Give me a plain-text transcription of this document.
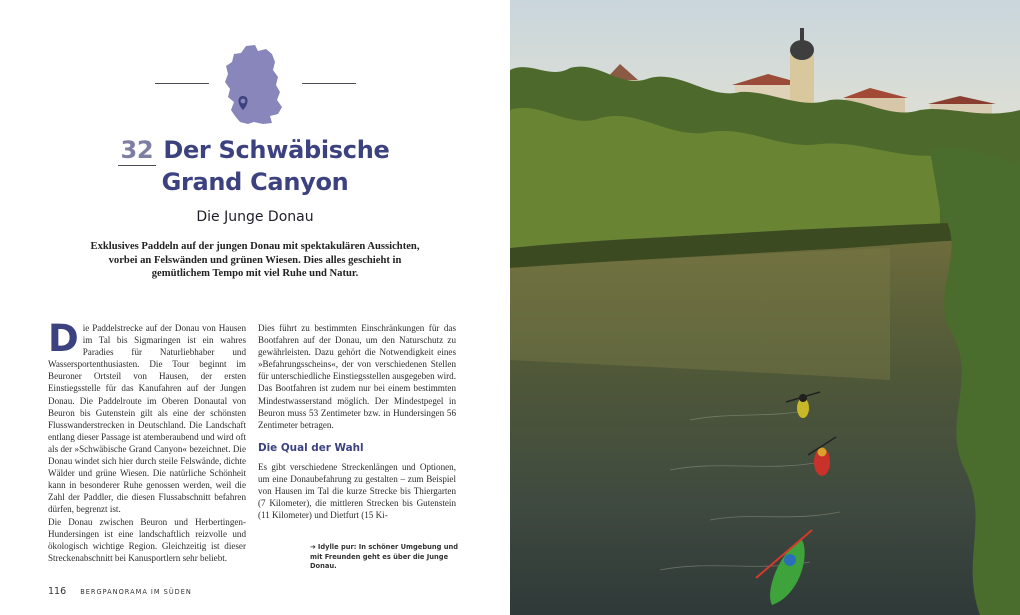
32 Der Schwäbische
Grand Canyon
Die Junge Donau
Exklusives Paddeln auf der jungen Donau mit spektakulären Aussichten, vorbei an Felswänden und grünen Wiesen. Dies alles geschieht in gemütlichem Tempo mit viel Ruhe und Natur.

Die Paddelstrecke auf der Donau von Hausen im Tal bis Sigmaringen ist ein wahres Paradies für Naturliebhaber und Wassersportenthusiasten. Die Tour beginnt im Beuroner Ortsteil von Hausen, der ersten Einstiegsstelle für das Kanufahren auf der Jungen Donau. Die Paddelroute im Oberen Donautal von Beuron bis Gutenstein gilt als eine der schönsten Flusswanderstrecken in Deutschland. Die Landschaft entlang dieser Passage ist atemberaubend und wird oft als der »Schwäbische Grand Canyon« bezeichnet. Die Donau windet sich hier durch steile Felswände, dichte Wälder und grüne Wiesen. Die natürliche Schönheit kann in besonderer Ruhe genossen werden, weil die Zahl der Paddler, die diesen Flussabschnitt befahren dürfen, begrenzt ist.

Die Donau zwischen Beuron und Herbertingen-Hundersingen ist eine landschaftlich reizvolle und ökologisch wichtige Region. Gleichzeitig ist dieser Streckenabschnitt bei Kanusportlern sehr beliebt.

Dies führt zu bestimmten Einschränkungen für das Bootfahren auf der Donau, um den Naturschutz zu gewährleisten. Dazu gehört die Notwendigkeit eines »Befahrungsscheins«, der von verschiedenen Stellen für unterschiedliche Einstiegsstellen ausgegeben wird. Das Bootfahren ist zudem nur bei einem bestimmten Mindestwasserstand möglich. Der Mindestpegel in Beuron muss 53 Zentimeter bzw. in Hundersingen 56 Zentimeter betragen.

Die Qual der Wahl

Es gibt verschiedene Streckenlängen und Optionen, um eine Donaubefahrung zu gestalten – zum Beispiel von Hausen im Tal die kurze Strecke bis Thiergarten (7 Kilometer), die mittleren Strecken bis Gutenstein (11 Kilometer) und Dietfurt (15 Ki-

➔ Idylle pur: In schöner Umgebung und mit Freunden geht es über die Junge Donau.
116 BERGPANORAMA IM SÜDEN
